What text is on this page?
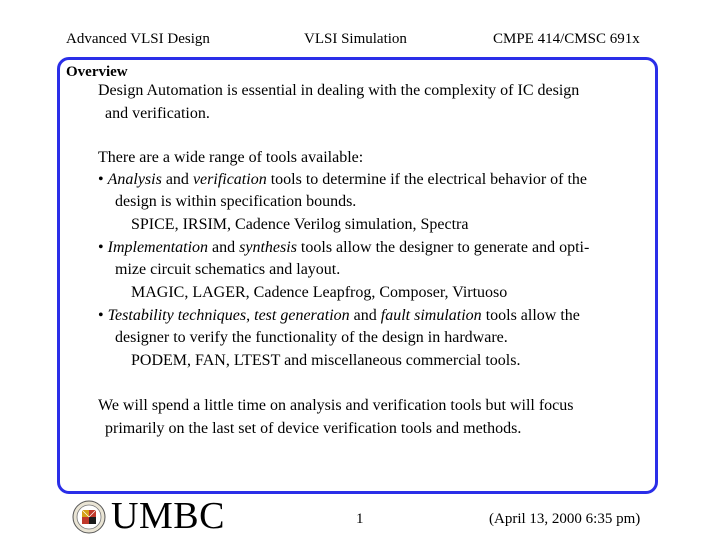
Advanced VLSI Design	VLSI Simulation	CMPE 414/CMSC 691x
Overview
Design Automation is essential in dealing with the complexity of IC design
and verification.
There are a wide range of tools available:
• Analysis and verification tools to determine if the electrical behavior of the
design is within specification bounds.
SPICE, IRSIM, Cadence Verilog simulation, Spectra
• Implementation and synthesis tools allow the designer to generate and opti-
mize circuit schematics and layout.
MAGIC, LAGER, Cadence Leapfrog, Composer, Virtuoso
• Testability techniques, test generation and fault simulation tools allow the
designer to verify the functionality of the design in hardware.
PODEM, FAN, LTEST and miscellaneous commercial tools.
We will spend a little time on analysis and verification tools but will focus
primarily on the last set of device verification tools and methods.
UMBC	1	(April 13, 2000 6:35 pm)
